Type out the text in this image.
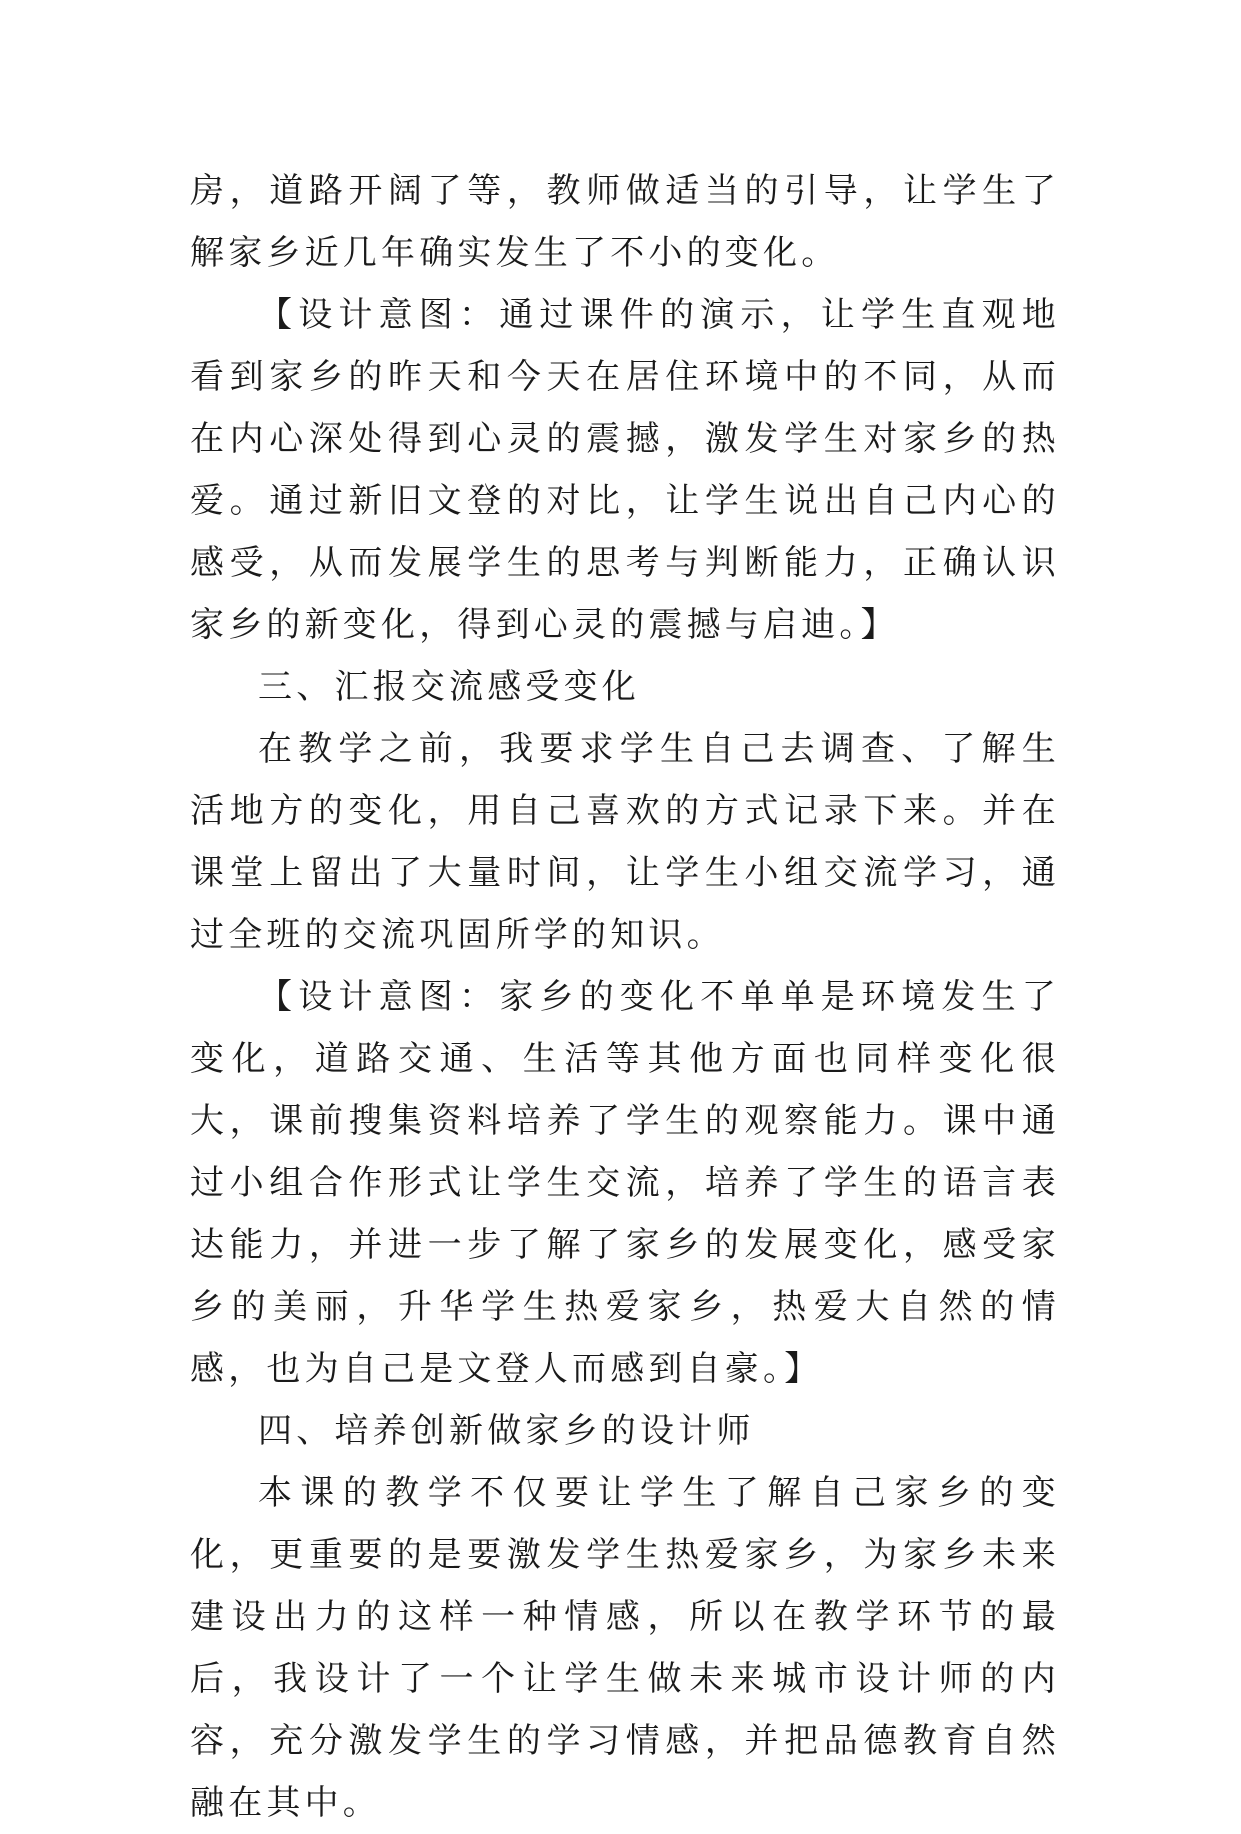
房，道路开阔了等，教师做适当的引导，让学生了解家乡近几年确实发生了不小的变化。

【设计意图：通过课件的演示，让学生直观地看到家乡的昨天和今天在居住环境中的不同，从而在内心深处得到心灵的震撼，激发学生对家乡的热爱。通过新旧文登的对比，让学生说出自己内心的感受，从而发展学生的思考与判断能力，正确认识家乡的新变化，得到心灵的震撼与启迪。】

三、汇报交流感受变化

在教学之前，我要求学生自己去调查、了解生活地方的变化，用自己喜欢的方式记录下来。并在课堂上留出了大量时间，让学生小组交流学习，通过全班的交流巩固所学的知识。

【设计意图：家乡的变化不单单是环境发生了变化，道路交通、生活等其他方面也同样变化很大，课前搜集资料培养了学生的观察能力。课中通过小组合作形式让学生交流，培养了学生的语言表达能力，并进一步了解了家乡的发展变化，感受家乡的美丽，升华学生热爱家乡，热爱大自然的情感，也为自己是文登人而感到自豪。】

四、培养创新做家乡的设计师

本课的教学不仅要让学生了解自己家乡的变化，更重要的是要激发学生热爱家乡，为家乡未来建设出力的这样一种情感，所以在教学环节的最后，我设计了一个让学生做未来城市设计师的内容，充分激发学生的学习情感，并把品德教育自然融在其中。
